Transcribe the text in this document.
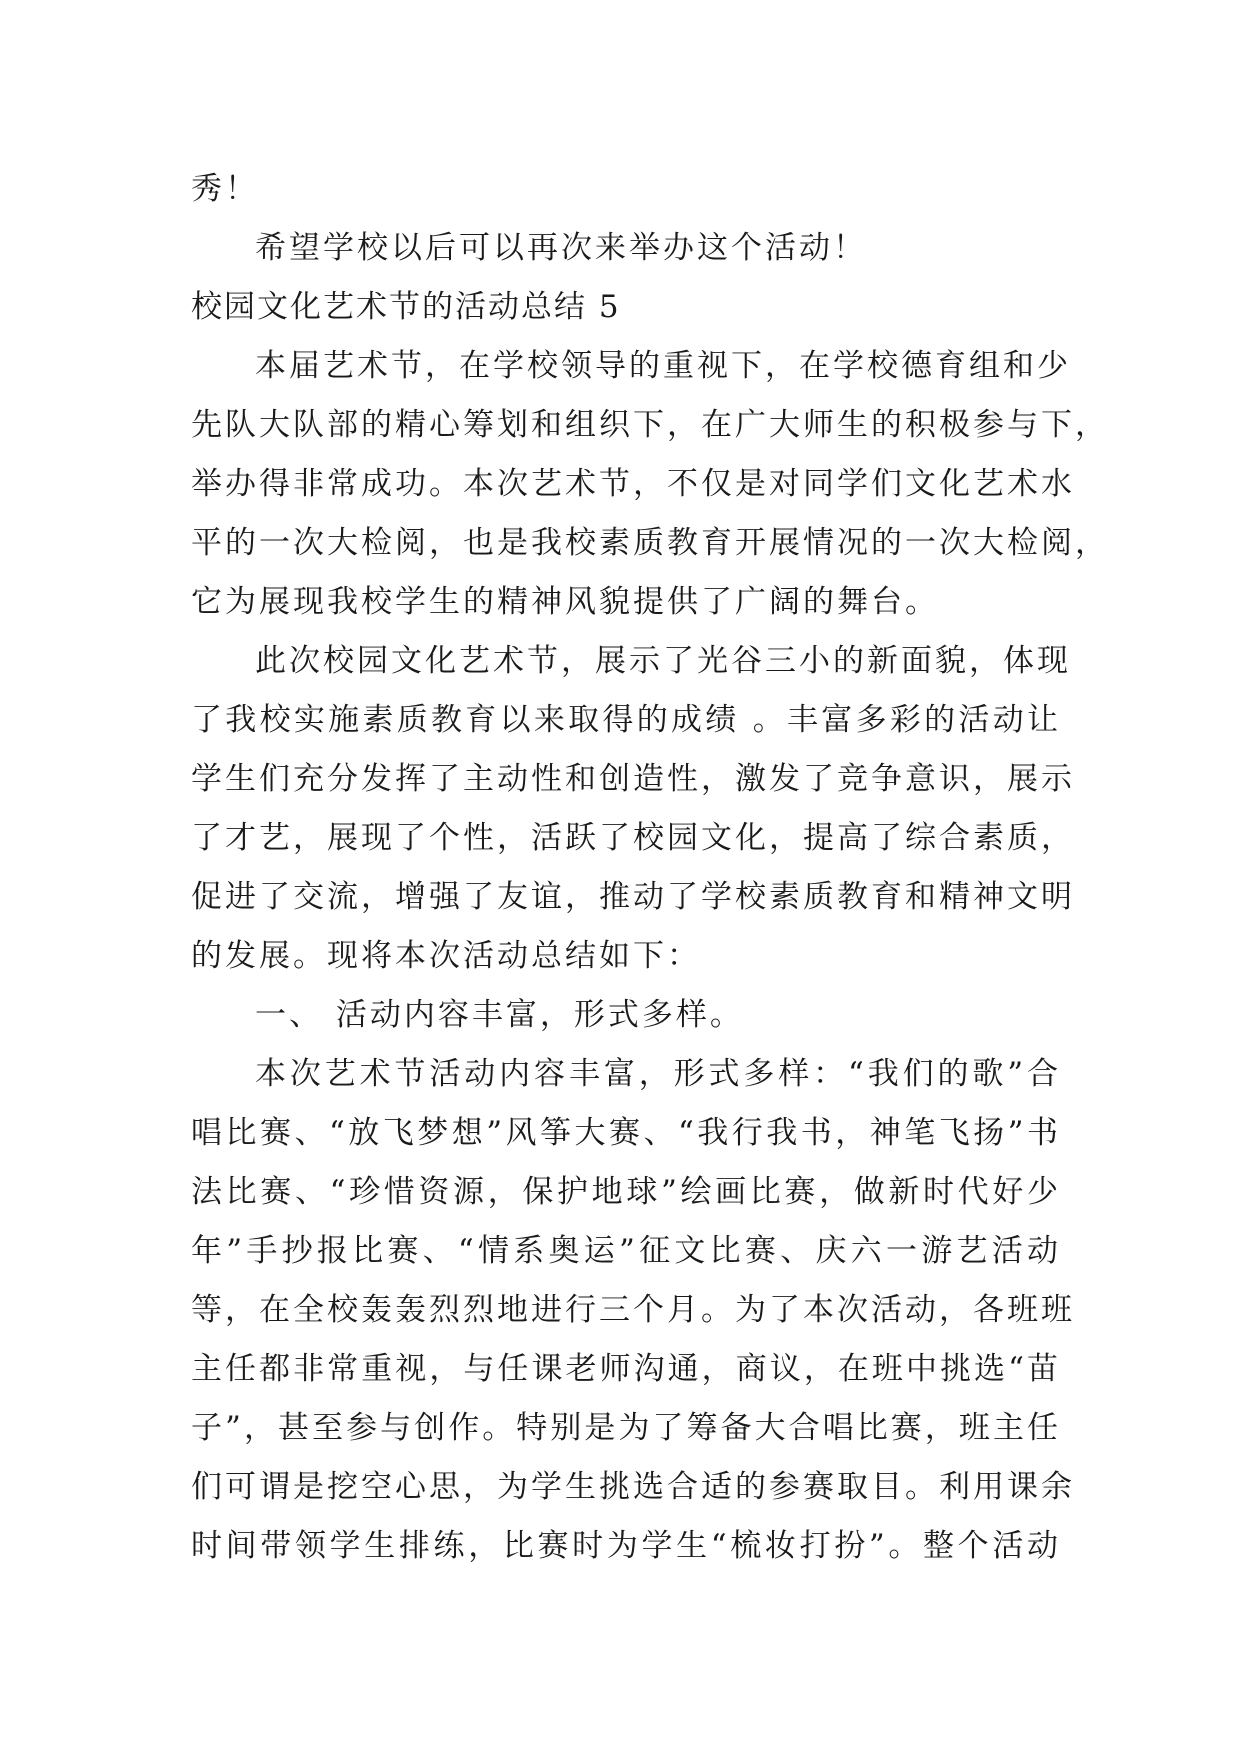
秀！
希望学校以后可以再次来举办这个活动！
校园文化艺术节的活动总结 5
本届艺术节，在学校领导的重视下，在学校德育组和少
先队大队部的精心筹划和组织下，在广大师生的积极参与下，
举办得非常成功。本次艺术节，不仅是对同学们文化艺术水
平的一次大检阅，也是我校素质教育开展情况的一次大检阅，
它为展现我校学生的精神风貌提供了广阔的舞台。
此次校园文化艺术节，展示了光谷三小的新面貌，体现
了我校实施素质教育以来取得的成绩 。丰富多彩的活动让
学生们充分发挥了主动性和创造性，激发了竞争意识，展示
了才艺，展现了个性，活跃了校园文化，提高了综合素质，
促进了交流，增强了友谊，推动了学校素质教育和精神文明
的发展。现将本次活动总结如下：
一、 活动内容丰富，形式多样。
本次艺术节活动内容丰富，形式多样：“我们的歌”合
唱比赛、“放飞梦想”风筝大赛、“我行我书，神笔飞扬”书
法比赛、“珍惜资源，保护地球”绘画比赛，做新时代好少
年”手抄报比赛、“情系奥运”征文比赛、庆六一游艺活动
等，在全校轰轰烈烈地进行三个月。为了本次活动，各班班
主任都非常重视，与任课老师沟通，商议，在班中挑选“苗
子”，甚至参与创作。特别是为了筹备大合唱比赛，班主任
们可谓是挖空心思，为学生挑选合适的参赛取目。利用课余
时间带领学生排练，比赛时为学生“梳妆打扮”。整个活动
